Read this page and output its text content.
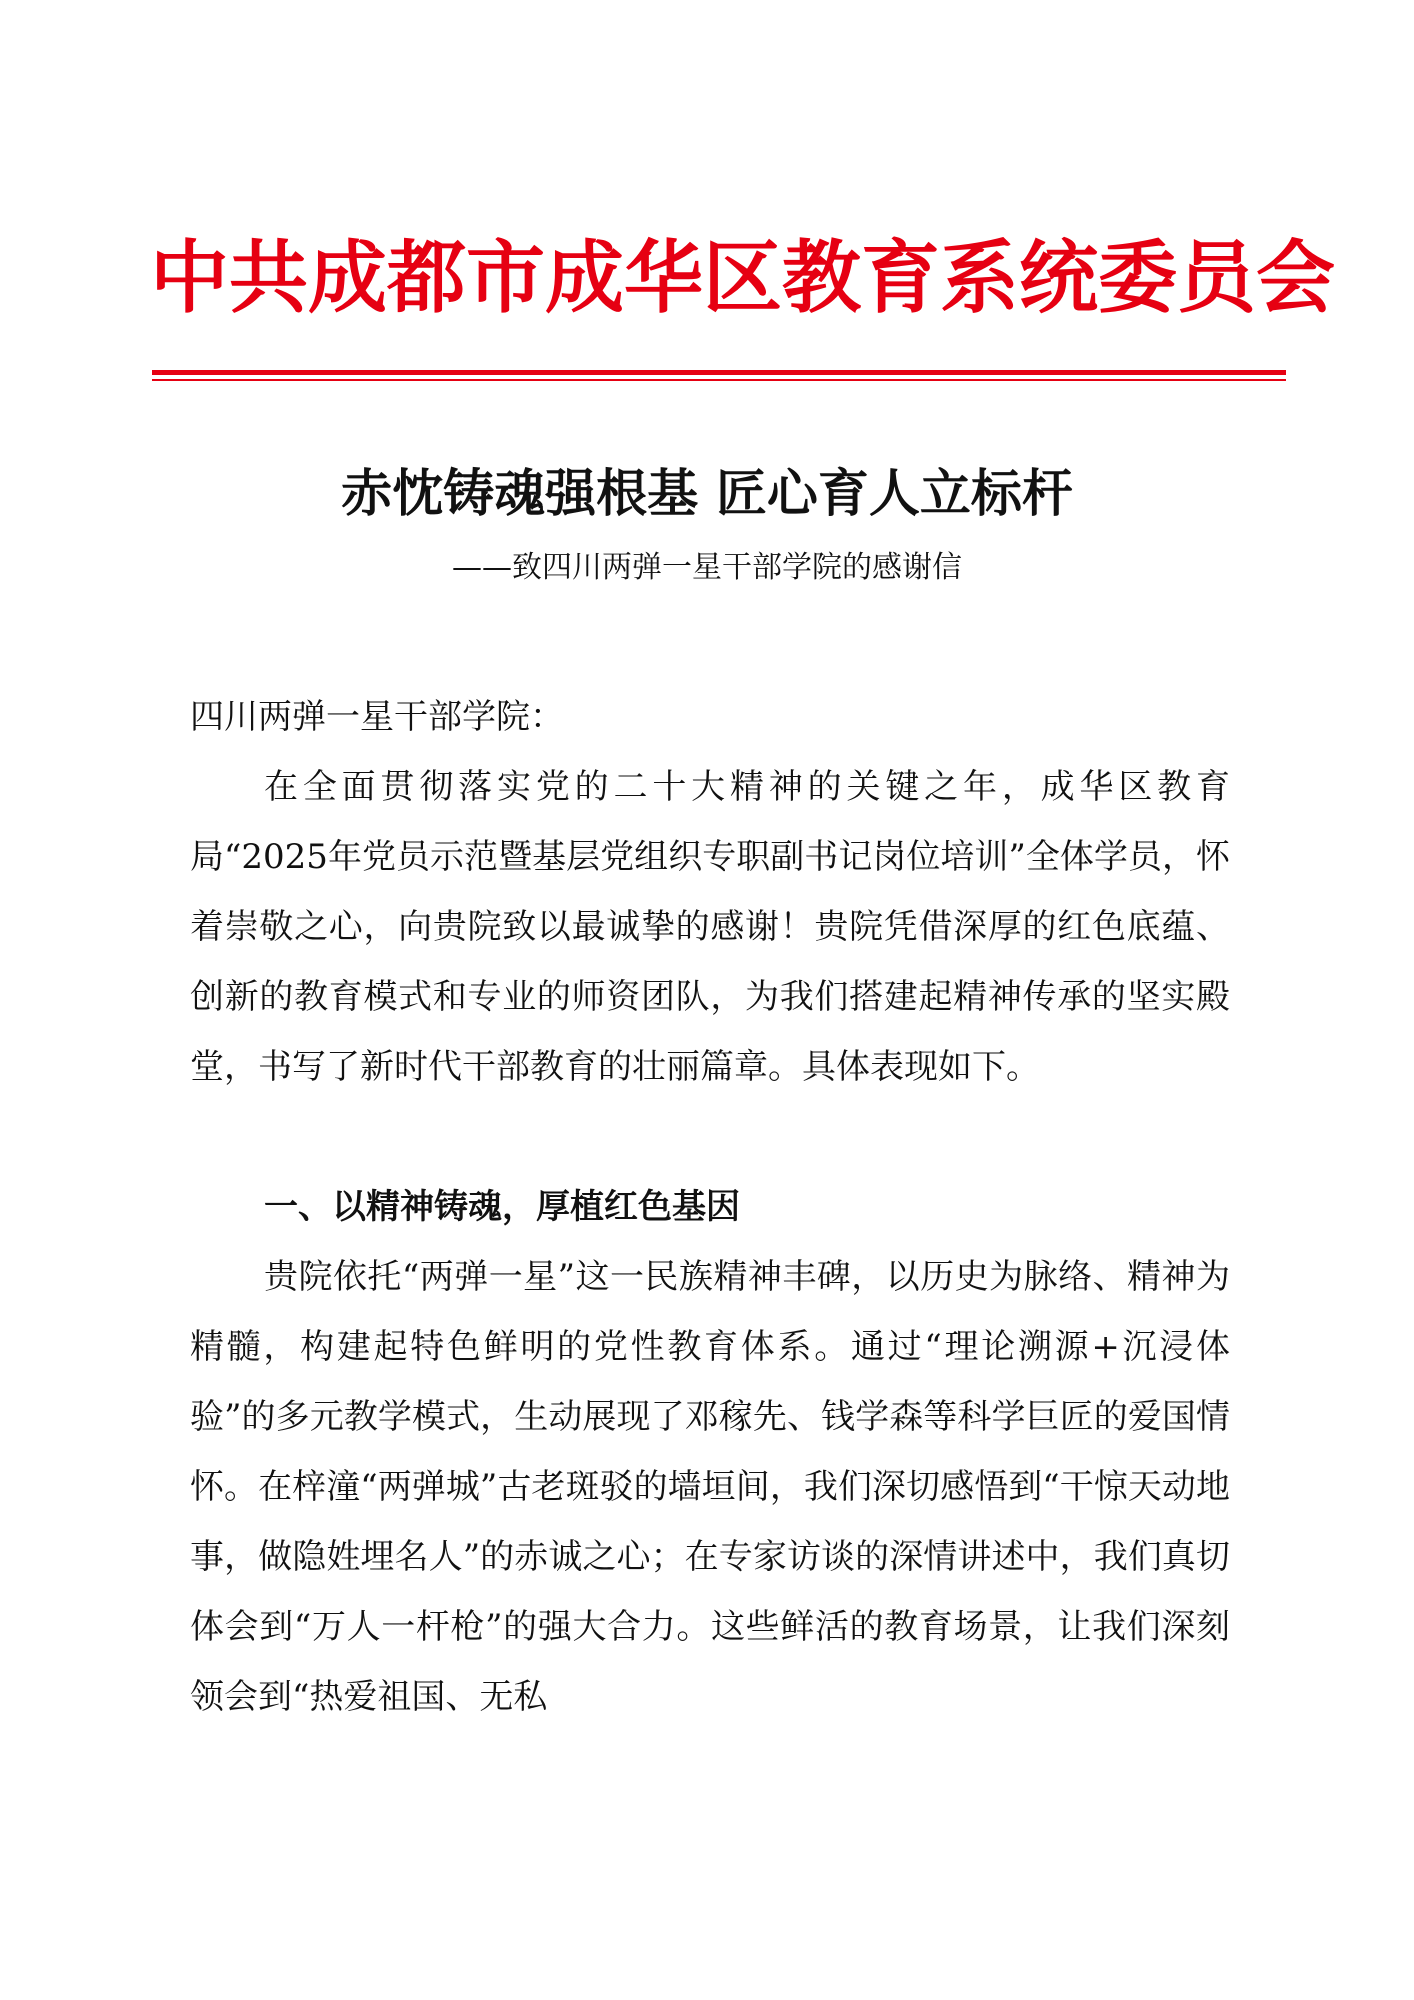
中共成都市成华区教育系统委员会
赤忱铸魂强根基 匠心育人立标杆
——致四川两弹一星干部学院的感谢信
四川两弹一星干部学院：

在全面贯彻落实党的二十大精神的关键之年，成华区教育局“2025年党员示范暨基层党组织专职副书记岗位培训”全体学员，怀着崇敬之心，向贵院致以最诚挚的感谢！贵院凭借深厚的红色底蕴、创新的教育模式和专业的师资团队，为我们搭建起精神传承的坚实殿堂，书写了新时代干部教育的壮丽篇章。具体表现如下。

一、以精神铸魂，厚植红色基因

贵院依托“两弹一星”这一民族精神丰碑，以历史为脉络、精神为精髓，构建起特色鲜明的党性教育体系。通过“理论溯源+沉浸体验”的多元教学模式，生动展现了邓稼先、钱学森等科学巨匠的爱国情怀。在梓潼“两弹城”古老斑驳的墙垣间，我们深切感悟到“干惊天动地事，做隐姓埋名人”的赤诚之心；在专家访谈的深情讲述中，我们真切体会到“万人一杆枪”的强大合力。这些鲜活的教育场景，让我们深刻领会到“热爱祖国、无私
